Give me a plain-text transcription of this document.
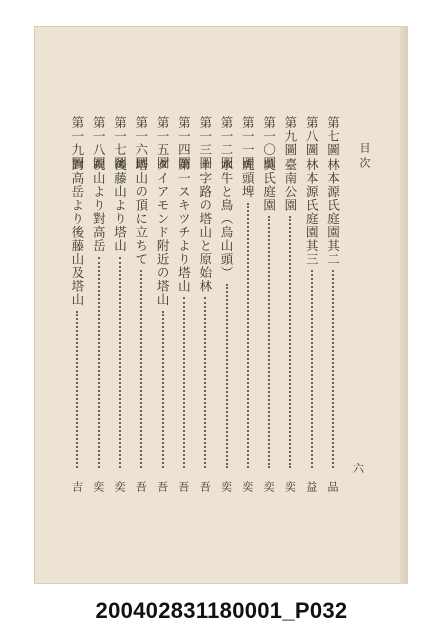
目次
六
第七圖
林本源氏庭園其二
品
第八圖
林本源氏庭園其三
益
第九圖
臺南公園
奕
第一〇圖
吳氏庭園
奕
第一一圖
虎頭埤
奕
第一二圖
水牛と鳥（烏山頭）
奕
第一三圖
十字路の塔山と原始林
吾
第一四圖
第一スキツチより塔山
吾
第一五圖
ダイアモンド附近の塔山
吾
第一六圖
塔山の頂に立ちて
吾
第一七圖
後藤山より塔山
奕
第一八圖
祝山より對高岳
奕
第一九圖
對高岳より後藤山及塔山
吉
200402831180001_P032
